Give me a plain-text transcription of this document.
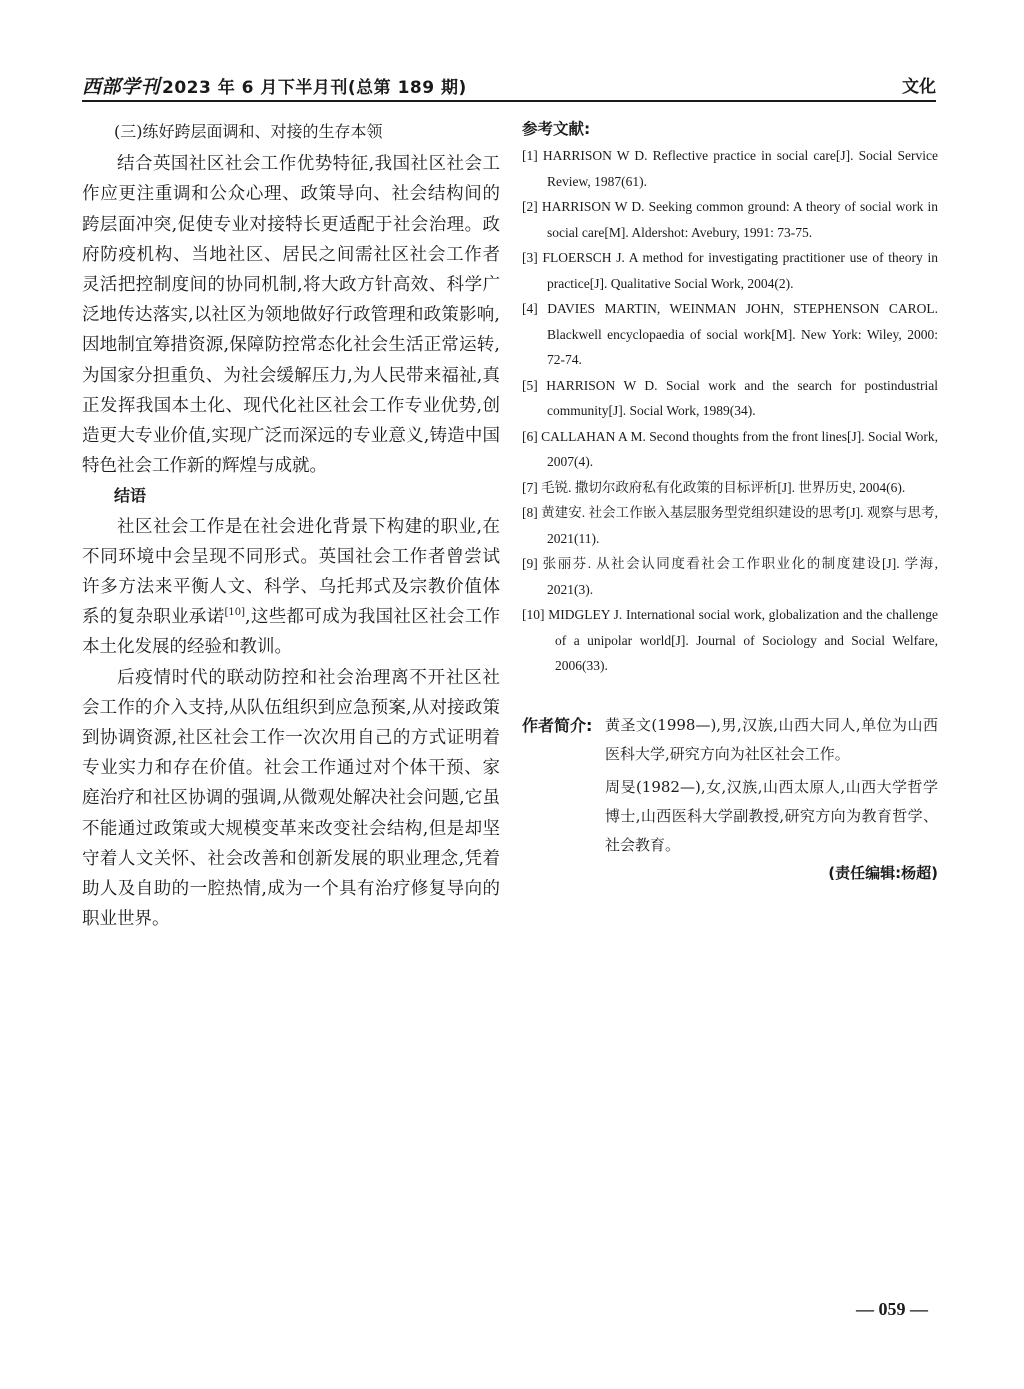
西部学刊 2023 年 6 月下半月刊(总第 189 期)	文化

(三)练好跨层面调和、对接的生存本领

结合英国社区社会工作优势特征,我国社区社会工作应更注重调和公众心理、政策导向、社会结构间的跨层面冲突,促使专业对接特长更适配于社会治理。政府防疫机构、当地社区、居民之间需社区社会工作者灵活把控制度间的协同机制,将大政方针高效、科学广泛地传达落实,以社区为领地做好行政管理和政策影响,因地制宜筹措资源,保障防控常态化社会生活正常运转,为国家分担重负、为社会缓解压力,为人民带来福祉,真正发挥我国本土化、现代化社区社会工作专业优势,创造更大专业价值,实现广泛而深远的专业意义,铸造中国特色社会工作新的辉煌与成就。

结语

社区社会工作是在社会进化背景下构建的职业,在不同环境中会呈现不同形式。英国社会工作者曾尝试许多方法来平衡人文、科学、乌托邦式及宗教价值体系的复杂职业承诺[10],这些都可成为我国社区社会工作本土化发展的经验和教训。

后疫情时代的联动防控和社会治理离不开社区社会工作的介入支持,从队伍组织到应急预案,从对接政策到协调资源,社区社会工作一次次用自己的方式证明着专业实力和存在价值。社会工作通过对个体干预、家庭治疗和社区协调的强调,从微观处解决社会问题,它虽不能通过政策或大规模变革来改变社会结构,但是却坚守着人文关怀、社会改善和创新发展的职业理念,凭着助人及自助的一腔热情,成为一个具有治疗修复导向的职业世界。

参考文献:

[1] HARRISON W D. Reflective practice in social care[J]. Social Service Review, 1987(61).

[2] HARRISON W D. Seeking common ground: A theory of social work in social care[M]. Aldershot: Avebury, 1991: 73-75.

[3] FLOERSCH J. A method for investigating practitioner use of theory in practice[J]. Qualitative Social Work, 2004(2).

[4] DAVIES MARTIN, WEINMAN JOHN, STEPHENSON CAROL. Blackwell encyclopaedia of social work[M]. New York: Wiley, 2000: 72-74.

[5] HARRISON W D. Social work and the search for postindustrial community[J]. Social Work, 1989(34).

[6] CALLAHAN A M. Second thoughts from the front lines[J]. Social Work, 2007(4).

[7] 毛锐. 撒切尔政府私有化政策的目标评析[J]. 世界历史, 2004(6).

[8] 黄建安. 社会工作嵌入基层服务型党组织建设的思考[J]. 观察与思考, 2021(11).

[9] 张丽芬. 从社会认同度看社会工作职业化的制度建设[J]. 学海, 2021(3).

[10] MIDGLEY J. International social work, globalization and the challenge of a unipolar world[J]. Journal of Sociology and Social Welfare, 2006(33).

作者简介: 黄圣文(1998—),男,汉族,山西大同人,单位为山西医科大学,研究方向为社区社会工作。

周旻(1982—),女,汉族,山西太原人,山西大学哲学博士,山西医科大学副教授,研究方向为教育哲学、社会教育。

(责任编辑:杨超)
— 059 —
